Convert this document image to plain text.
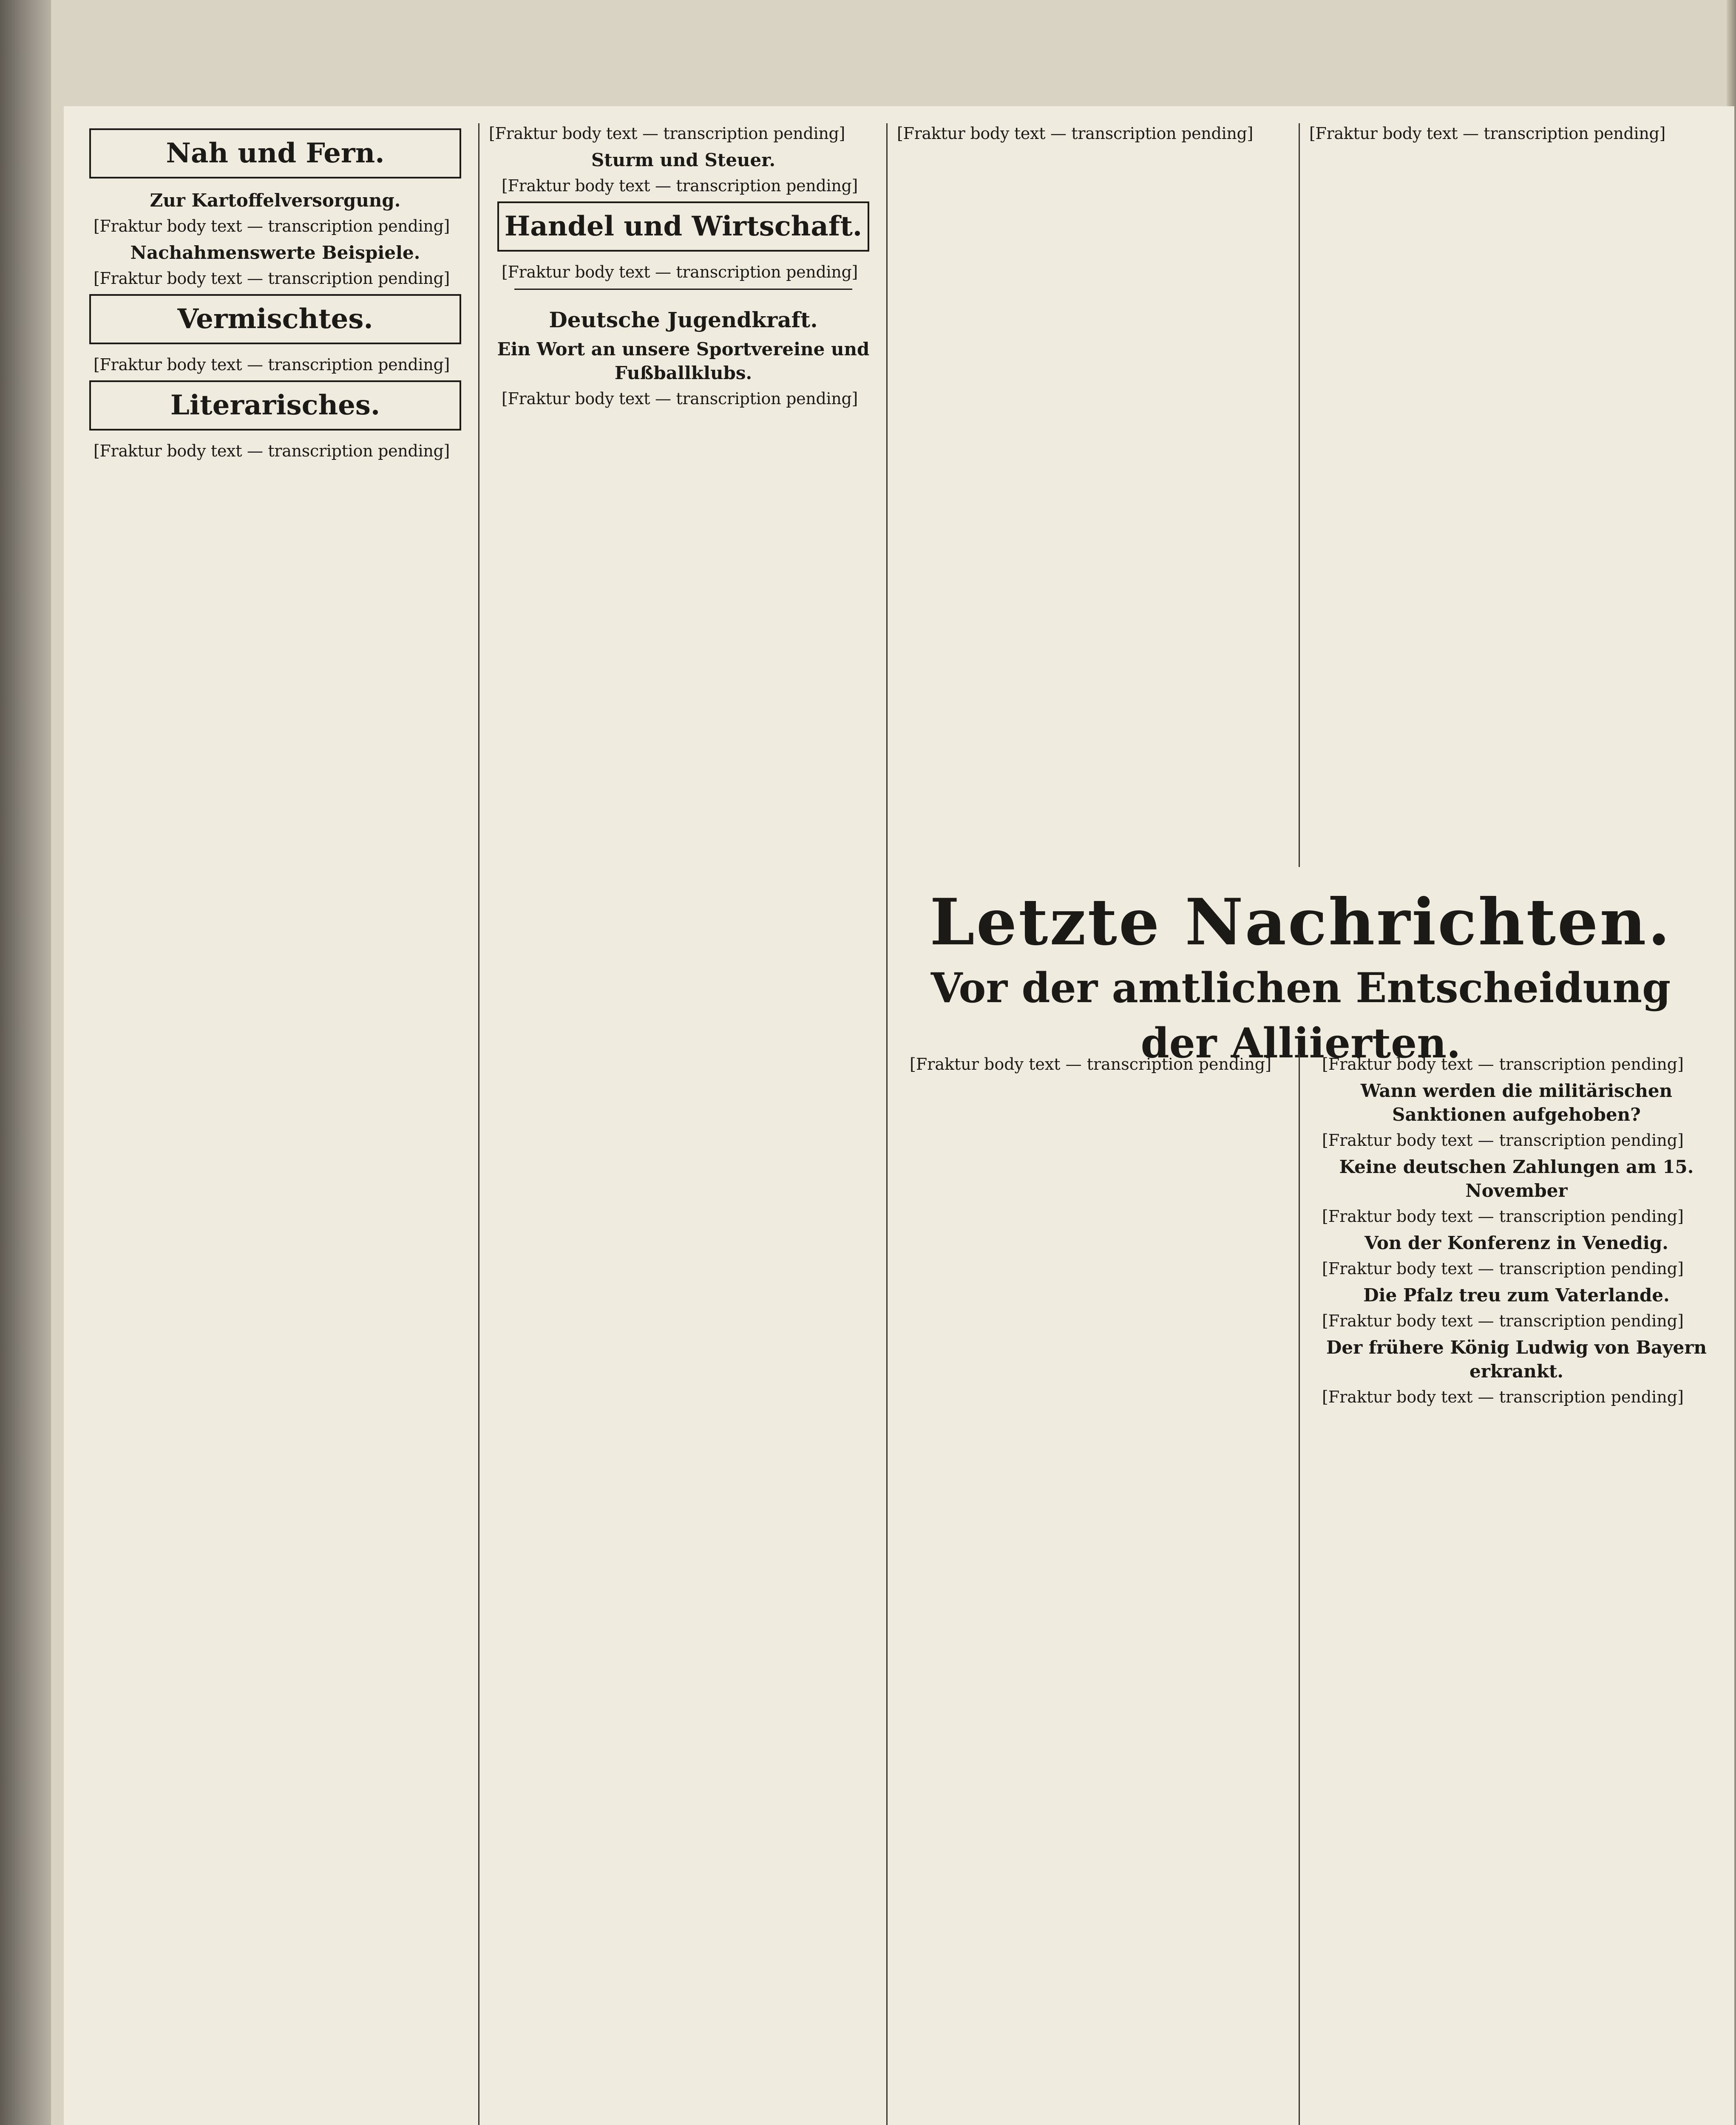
Nah und Fern.
Zur Kartoffelversorgung.

[Fraktur body text — transcription pending]

Nachahmenswerte Beispiele.

[Fraktur body text — transcription pending]

Vermischtes.

[Fraktur body text — transcription pending]

Literarisches.

[Fraktur body text — transcription pending]

[Fraktur body text — transcription pending]

Sturm und Steuer.

[Fraktur body text — transcription pending]

Handel und Wirtschaft.

[Fraktur body text — transcription pending]

Deutsche Jugendkraft.
Ein Wort an unsere Sportvereine und Fußballklubs.

[Fraktur body text — transcription pending]

[Fraktur body text — transcription pending]	[Fraktur body text — transcription pending]

Letzte Nachrichten.
Vor der amtlichen Entscheidung der Alliierten.

[Fraktur body text — transcription pending]	[Fraktur body text — transcription pending]

Wann werden die militärischen Sanktionen aufgehoben?

[Fraktur body text — transcription pending]

Keine deutschen Zahlungen am 15. November

[Fraktur body text — transcription pending]

Von der Konferenz in Venedig.

[Fraktur body text — transcription pending]

Die Pfalz treu zum Vaterlande.

[Fraktur body text — transcription pending]

Der frühere König Ludwig von Bayern erkrankt.

[Fraktur body text — transcription pending]
